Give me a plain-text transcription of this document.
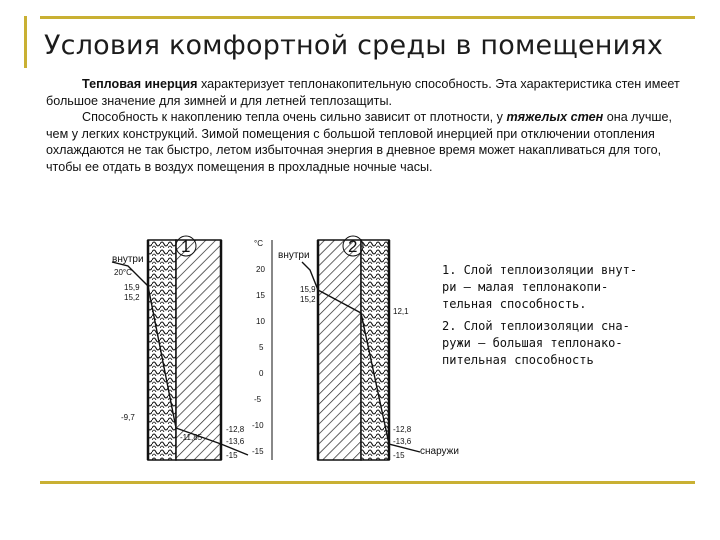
Условия комфортной среды в помещениях

Тепловая инерция характеризует теплонакопительную способность. Эта характеристика стен имеет большое значение для зимней и для летней теплозащиты.

Способность к накоплению тепла очень сильно зависит от плотности, у тяжелых стен она лучше, чем у легких конструкций. Зимой помещения с большой тепловой инерцией при отключении отопления охлаждаются не так быстро, летом избыточная энергия в дневное время может накапливаться для того, чтобы ее отдать в воздух помещения в прохладные ночные часы.

1
внутри
20°C
15,9
15,2
-9,7
-11,85
-12,8
-13,6
-15
°C
20
15
10
5
0
-5
-10
-15
2
внутри
15,9
15,2
12,1
-12,8
-13,6
-15 снаружи
1. Слой теплоизоляции внут-
ри — малая теплонакопи-
тельная способность.
2. Слой теплоизоляции сна-
ружи — большая теплонако-
пительная способность
